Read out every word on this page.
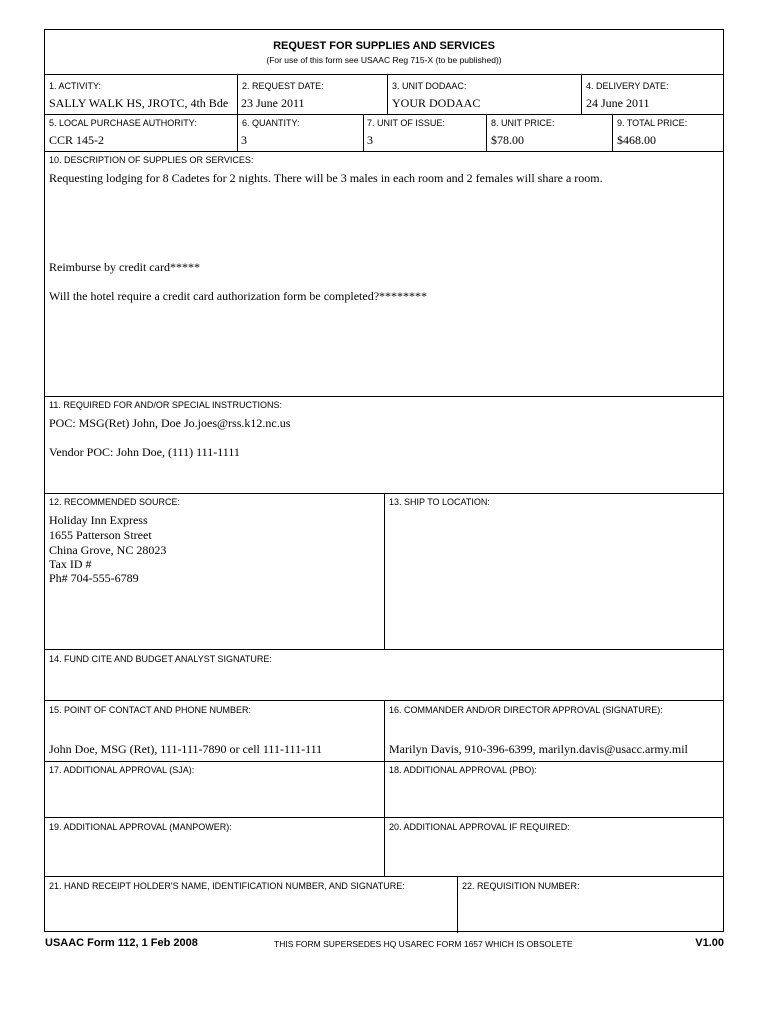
REQUEST FOR SUPPLIES AND SERVICES
(For use of this form see USAAC Reg 715-X (to be published))
1. ACTIVITY:
SALLY WALK HS, JROTC, 4th Bde
2. REQUEST DATE:
23 June 2011
3. UNIT DODAAC:
YOUR DODAAC
4. DELIVERY DATE:
24 June 2011
5. LOCAL PURCHASE AUTHORITY:
CCR 145-2
6. QUANTITY:
3
7. UNIT OF ISSUE:
3
8. UNIT PRICE:
$78.00
9. TOTAL PRICE:
$468.00
10. DESCRIPTION OF SUPPLIES OR SERVICES:
Requesting lodging for 8 Cadetes for 2 nights. There will be 3 males in each room and 2 females will share a room.
Reimburse by credit card*****
Will the hotel require a credit card authorization form be completed?********
11. REQUIRED FOR AND/OR SPECIAL INSTRUCTIONS:
POC: MSG(Ret) John, Doe Jo.joes@rss.k12.nc.us
Vendor POC: John Doe, (111) 111-1111
12. RECOMMENDED SOURCE:
Holiday Inn Express
1655 Patterson Street
China Grove, NC 28023
Tax ID #
Ph# 704-555-6789
13. SHIP TO LOCATION:
14. FUND CITE AND BUDGET ANALYST SIGNATURE:
15. POINT OF CONTACT AND PHONE NUMBER:
John Doe, MSG (Ret), 111-111-7890 or cell 111-111-111
16. COMMANDER AND/OR DIRECTOR APPROVAL (SIGNATURE):
Marilyn Davis, 910-396-6399, marilyn.davis@usacc.army.mil
17. ADDITIONAL APPROVAL (SJA):	18. ADDITIONAL APPROVAL (PBO):
19. ADDITIONAL APPROVAL (MANPOWER):	20. ADDITIONAL APPROVAL IF REQUIRED:
21. HAND RECEIPT HOLDER'S NAME, IDENTIFICATION NUMBER, AND SIGNATURE:	22. REQUISITION NUMBER:
USAAC Form 112, 1 Feb 2008	THIS FORM SUPERSEDES HQ USAREC FORM 1657 WHICH IS OBSOLETE	V1.00
